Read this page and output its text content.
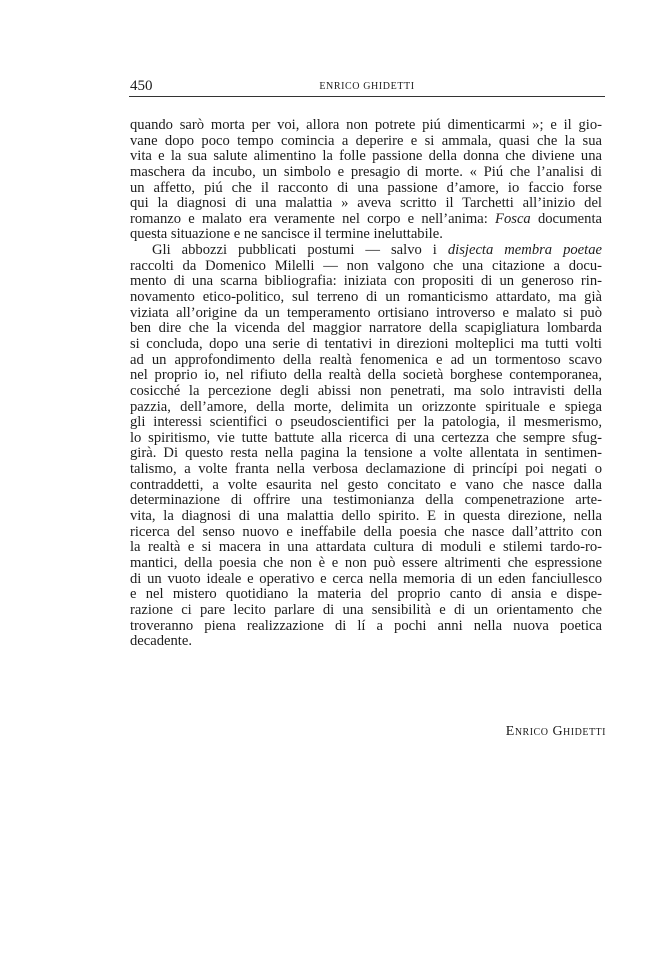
450	ENRICO GHIDETTI
quando sarò morta per voi, allora non potrete piú dimenticarmi »; e il gio-
vane dopo poco tempo comincia a deperire e si ammala, quasi che la sua
vita e la sua salute alimentino la folle passione della donna che diviene una
maschera da incubo, un simbolo e presagio di morte. « Piú che l’analisi di
un affetto, piú che il racconto di una passione d’amore, io faccio forse
qui la diagnosi di una malattia » aveva scritto il Tarchetti all’inizio del
romanzo e malato era veramente nel corpo e nell’anima: Fosca documenta
questa situazione e ne sancisce il termine ineluttabile.
Gli abbozzi pubblicati postumi — salvo i disjecta membra poetae
raccolti da Domenico Milelli — non valgono che una citazione a docu-
mento di una scarna bibliografia: iniziata con propositi di un generoso rin-
novamento etico-politico, sul terreno di un romanticismo attardato, ma già
viziata all’origine da un temperamento ortisiano introverso e malato si può
ben dire che la vicenda del maggior narratore della scapigliatura lombarda
si concluda, dopo una serie di tentativi in direzioni molteplici ma tutti volti
ad un approfondimento della realtà fenomenica e ad un tormentoso scavo
nel proprio io, nel rifiuto della realtà della società borghese contemporanea,
cosicché la percezione degli abissi non penetrati, ma solo intravisti della
pazzia, dell’amore, della morte, delimita un orizzonte spirituale e spiega
gli interessi scientifici o pseudoscientifici per la patologia, il mesmerismo,
lo spiritismo, vie tutte battute alla ricerca di una certezza che sempre sfug-
girà. Di questo resta nella pagina la tensione a volte allentata in sentimen-
talismo, a volte franta nella verbosa declamazione di princípi poi negati o
contraddetti, a volte esaurita nel gesto concitato e vano che nasce dalla
determinazione di offrire una testimonianza della compenetrazione arte-
vita, la diagnosi di una malattia dello spirito. E in questa direzione, nella
ricerca del senso nuovo e ineffabile della poesia che nasce dall’attrito con
la realtà e si macera in una attardata cultura di moduli e stilemi tardo-ro-
mantici, della poesia che non è e non può essere altrimenti che espressione
di un vuoto ideale e operativo e cerca nella memoria di un eden fanciullesco
e nel mistero quotidiano la materia del proprio canto di ansia e dispe-
razione ci pare lecito parlare di una sensibilità e di un orientamento che
troveranno piena realizzazione di lí a pochi anni nella nuova poetica
decadente.
Enrico Ghidetti
